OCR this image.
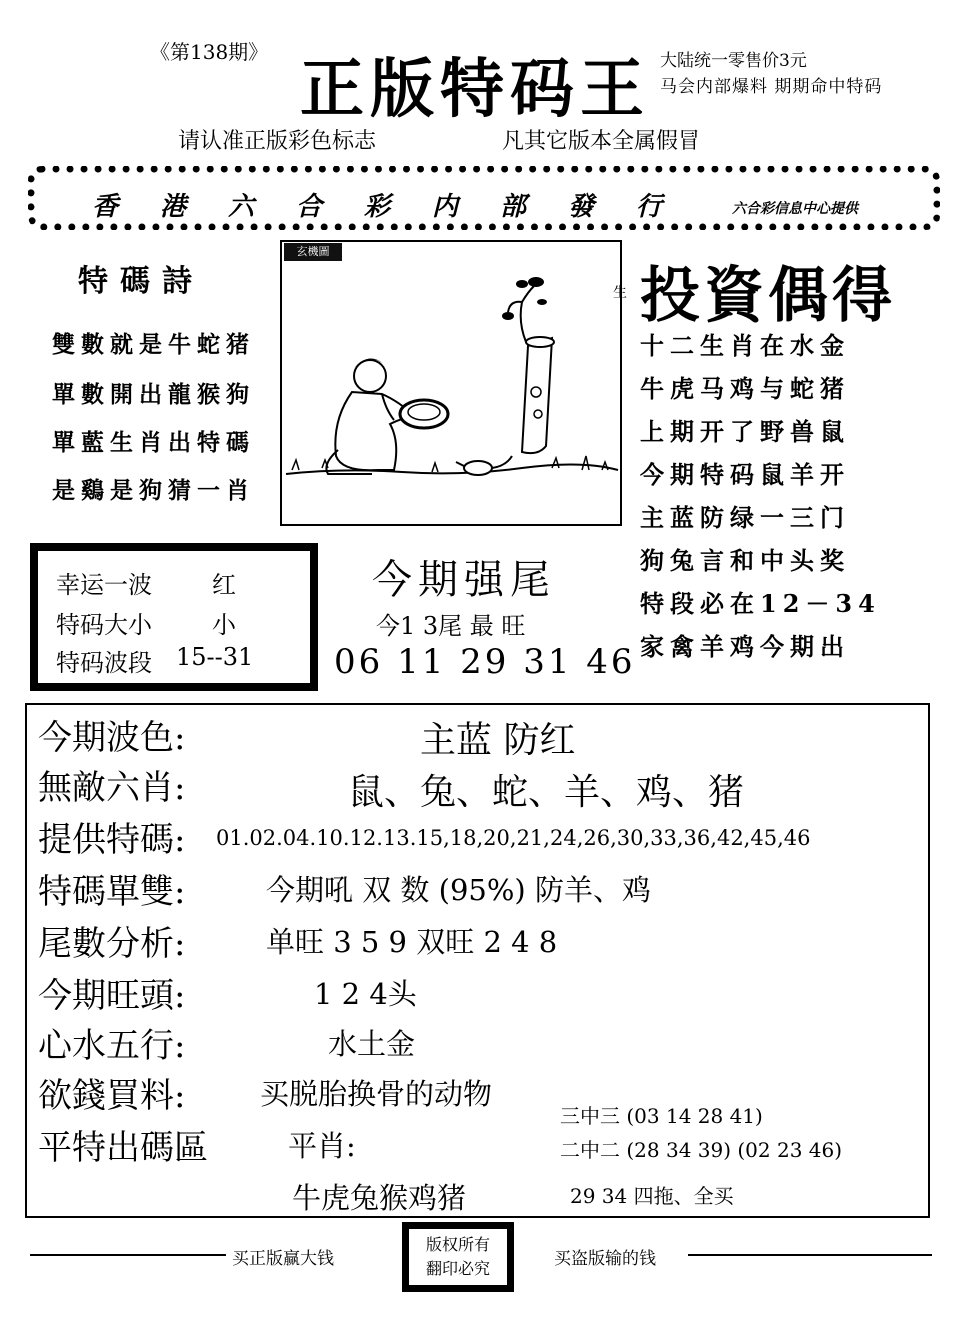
《第138期》 正版特码王 大陆统一零售价3元
马会内部爆料 期期命中特码
请认准正版彩色标志	凡其它版本全属假冒
香港六合彩内部發行 六合彩信息中心提供
特碼詩
雙數就是牛蛇猪
單數開出龍猴狗
單藍生肖出特碼
是鷄是狗猜一肖
玄機圖
生 投資偶得
十二生肖在水金
牛虎马鸡与蛇猪
上期开了野兽鼠
今期特码鼠羊开
主蓝防绿一三门
狗兔言和中头奖
特段必在12－34
家禽羊鸡今期出
幸运一波	红
特码大小	小
特码波段 15--31
今期强尾
今1 3尾 最 旺
06 11 29 31 46
今期波色:	主蓝 防红
無敵六肖:	鼠、兔、蛇、羊、鸡、猪
提供特碼: 01.02.04.10.12.13.15,18,20,21,24,26,30,33,36,42,45,46
特碼單雙:	今期吼 双 数 (95%) 防羊、鸡
尾數分析:	单旺 3 5 9 双旺 2 4 8
今期旺頭:	1 2 4头
心水五行:	水土金
欲錢買料:	买脱胎换骨的动物
平特出碼區	平肖:
牛虎兔猴鸡猪
三中三 (03 14 28 41)
二中二 (28 34 39) (02 23 46)
29 34 四拖、全买
买正版赢大钱
版权所有
翻印必究	买盗版输的钱
